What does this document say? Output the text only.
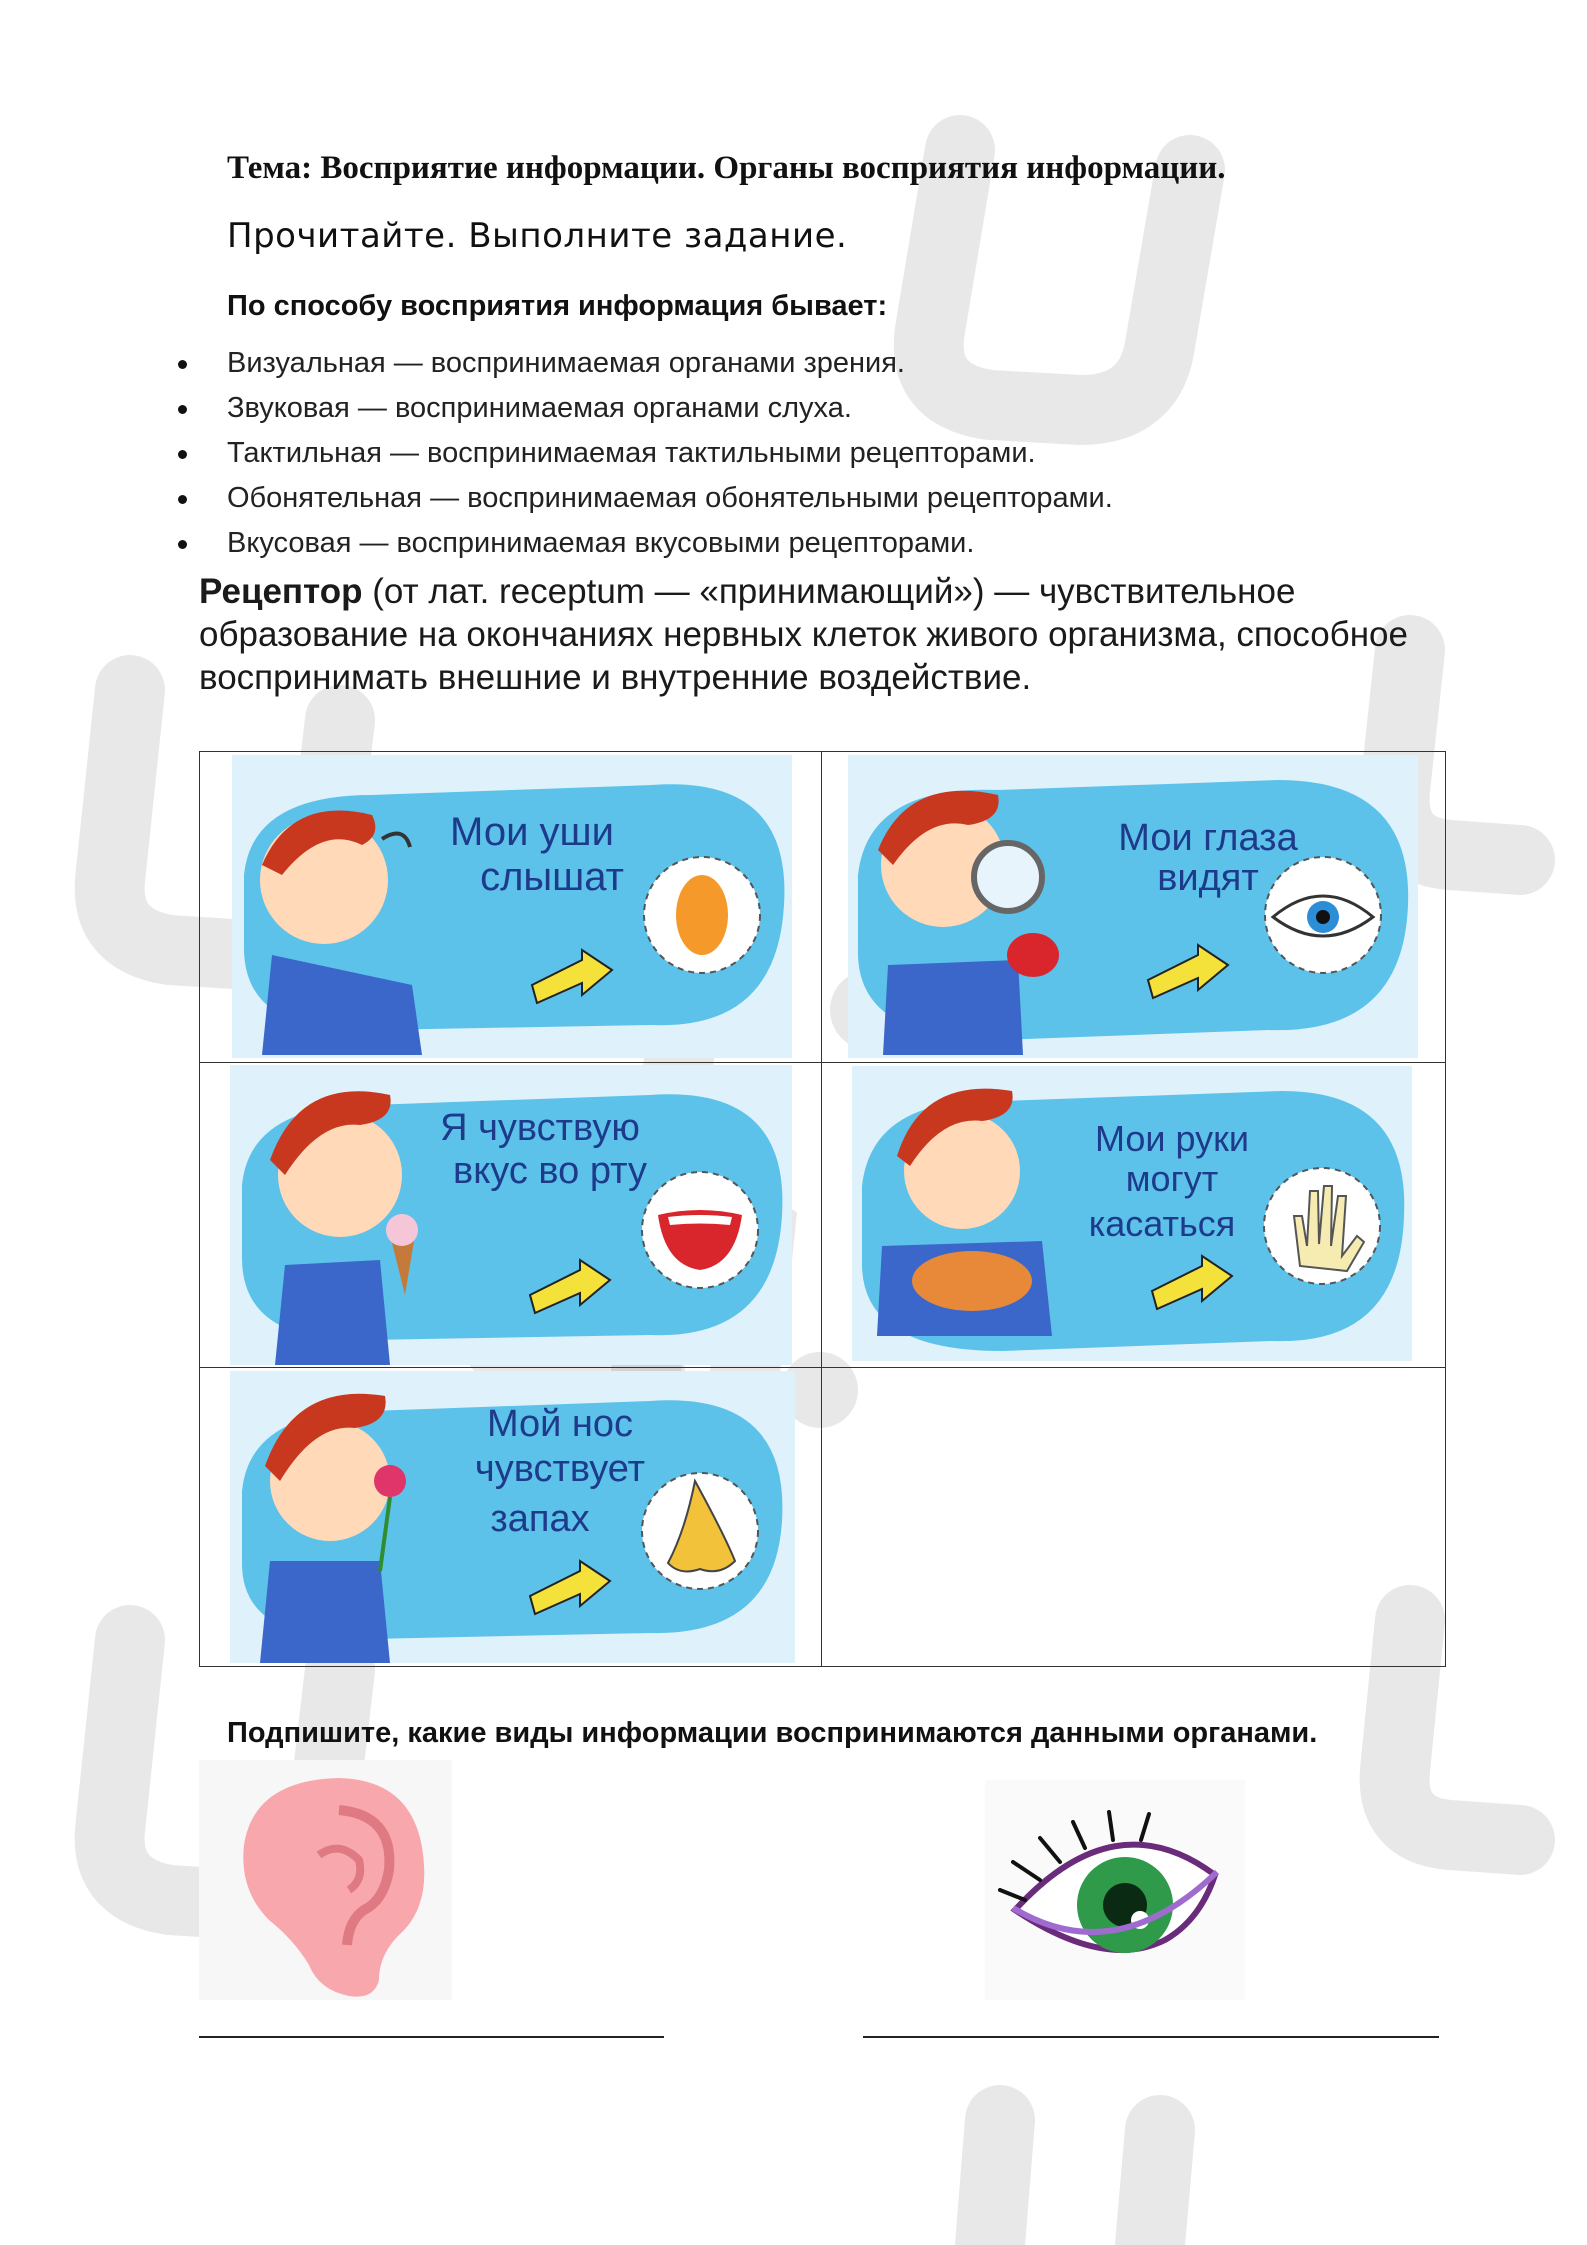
Тема: Восприятие информации. Органы восприятия информации.
Прочитайте. Выполните задание.
По способу восприятия информация бывает:
Визуальная — воспринимаемая органами зрения.
Звуковая — воспринимаемая органами слуха.
Тактильная — воспринимаемая тактильными рецепторами.
Обонятельная — воспринимаемая обонятельными рецепторами.
Вкусовая — воспринимаемая вкусовыми рецепторами.
Рецептор (от лат. receptum — «принимающий») — чувствительное образование на окончаниях нервных клеток живого организма, способное воспринимать внешние и внутренние воздействие.
Мои уши
слышат	Мои глаза
видят

Я чувствую
вкус во рту	Мои руки
могут
касаться

Мой нос
чувствует
запах	

Подпишите, какие виды информации воспринимаются данными органами.
